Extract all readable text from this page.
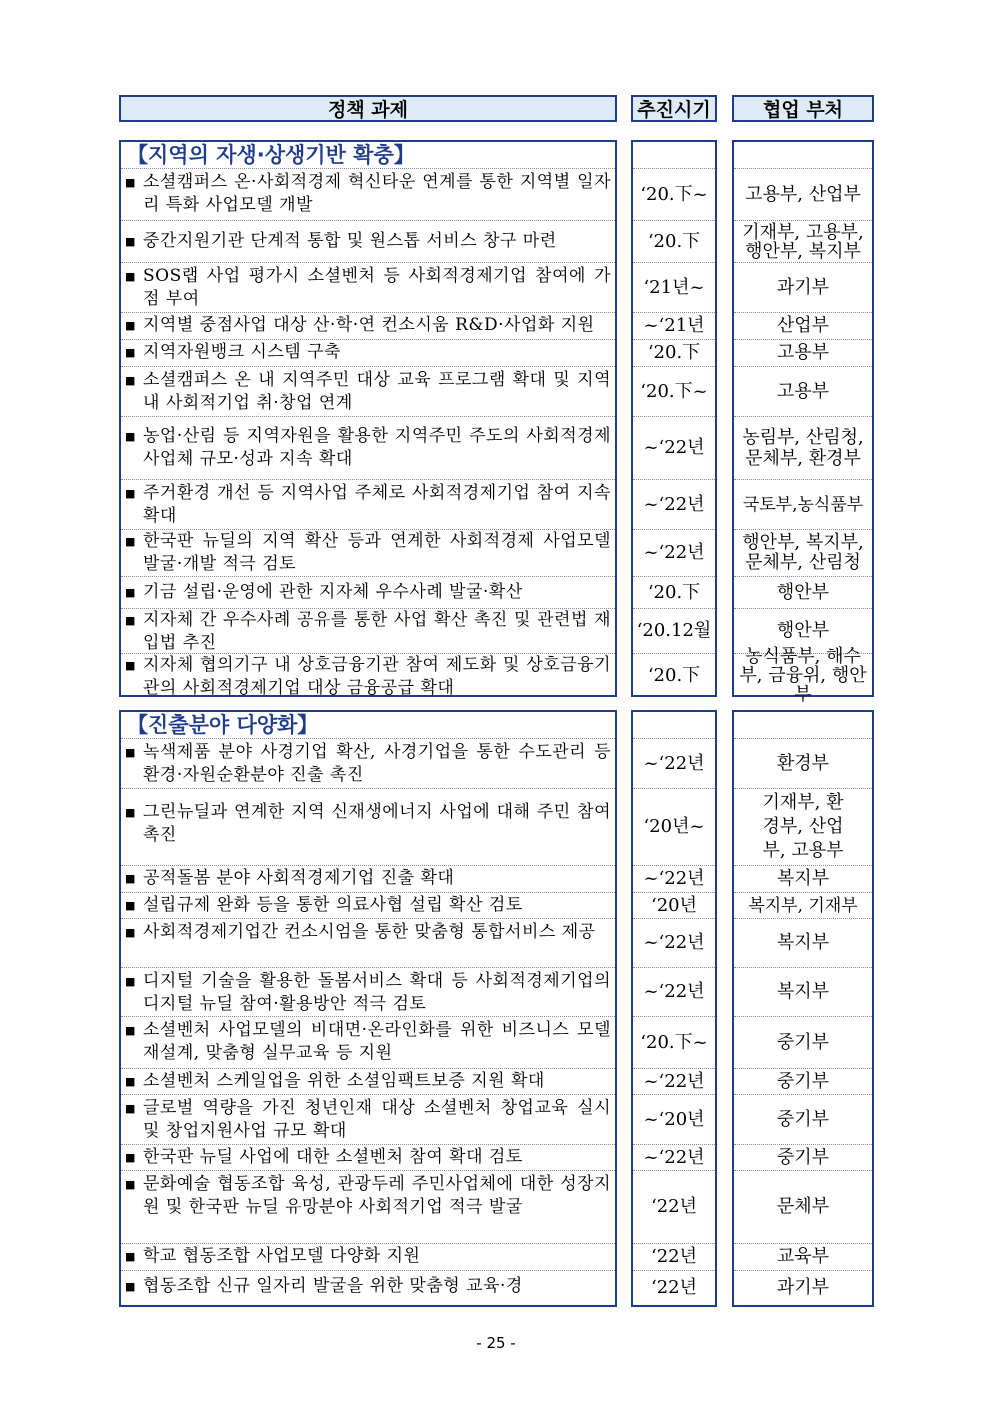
정책 과제	추진시기	협업 부처
【지역의 자생·상생기반 확충】
■ 소셜캠퍼스 온·사회적경제 혁신타운 연계를 통한 지역별 일자리 특화 사업모델 개발
■ 중간지원기관 단계적 통합 및 원스톱 서비스 창구 마련
■ SOS랩 사업 평가시 소셜벤처 등 사회적경제기업 참여에 가점 부여
■ 지역별 중점사업 대상 산·학·연 컨소시움 R&D·사업화 지원
■ 지역자원뱅크 시스템 구축
■ 소셜캠퍼스 온 내 지역주민 대상 교육 프로그램 확대 및 지역 내 사회적기업 취·창업 연계
■ 농업·산림 등 지역자원을 활용한 지역주민 주도의 사회적경제 사업체 규모·성과 지속 확대
■ 주거환경 개선 등 지역사업 주체로 사회적경제기업 참여 지속 확대
■ 한국판 뉴딜의 지역 확산 등과 연계한 사회적경제 사업모델 발굴·개발 적극 검토
■ 기금 설립·운영에 관한 지자체 우수사례 발굴·확산
■ 지자체 간 우수사례 공유를 통한 사업 확산 촉진 및 관련법 재입법 추진
■ 지자체 협의기구 내 상호금융기관 참여 제도화 및 상호금융기관의 사회적경제기업 대상 금융공급 확대
‘20.下~
‘20.下
‘21년~
~‘21년
‘20.下
‘20.下~
~‘22년
~‘22년
~‘22년
‘20.下
‘20.12월
‘20.下
고용부, 산업부
기재부, 고용부, 행안부, 복지부
과기부
산업부
고용부
고용부
농림부, 산림청, 문체부, 환경부
국토부,농식품부
행안부, 복지부, 문체부, 산림청
행안부
행안부
농식품부, 해수부, 금융위, 행안부
【진출분야 다양화】
■ 녹색제품 분야 사경기업 확산, 사경기업을 통한 수도관리 등 환경·자원순환분야 진출 촉진
■ 그린뉴딜과 연계한 지역 신재생에너지 사업에 대해 주민 참여 촉진
■ 공적돌봄 분야 사회적경제기업 진출 확대
■ 설립규제 완화 등을 통한 의료사협 설립 확산 검토
■ 사회적경제기업간 컨소시엄을 통한 맞춤형 통합서비스 제공
■ 디지털 기술을 활용한 돌봄서비스 확대 등 사회적경제기업의 디지털 뉴딜 참여·활용방안 적극 검토
■ 소셜벤처 사업모델의 비대면·온라인화를 위한 비즈니스 모델 재설계, 맞춤형 실무교육 등 지원
■ 소셜벤처 스케일업을 위한 소셜임팩트보증 지원 확대
■ 글로벌 역량을 가진 청년인재 대상 소셜벤처 창업교육 실시 및 창업지원사업 규모 확대
■ 한국판 뉴딜 사업에 대한 소셜벤처 참여 확대 검토
■ 문화예술 협동조합 육성, 관광두레 주민사업체에 대한 성장지원 및 한국판 뉴딜 유망분야 사회적기업 적극 발굴
■ 학교 협동조합 사업모델 다양화 지원
■ 협동조합 신규 일자리 발굴을 위한 맞춤형 교육·경
~‘22년
‘20년~
~‘22년
‘20년
~‘22년
~‘22년
‘20.下~
~‘22년
~‘20년
~‘22년
‘22년
‘22년
‘22년
환경부
기재부, 환경부, 산업부, 고용부
복지부
복지부, 기재부
복지부
복지부
중기부
중기부
중기부
중기부
문체부
교육부
과기부
- 25 -
